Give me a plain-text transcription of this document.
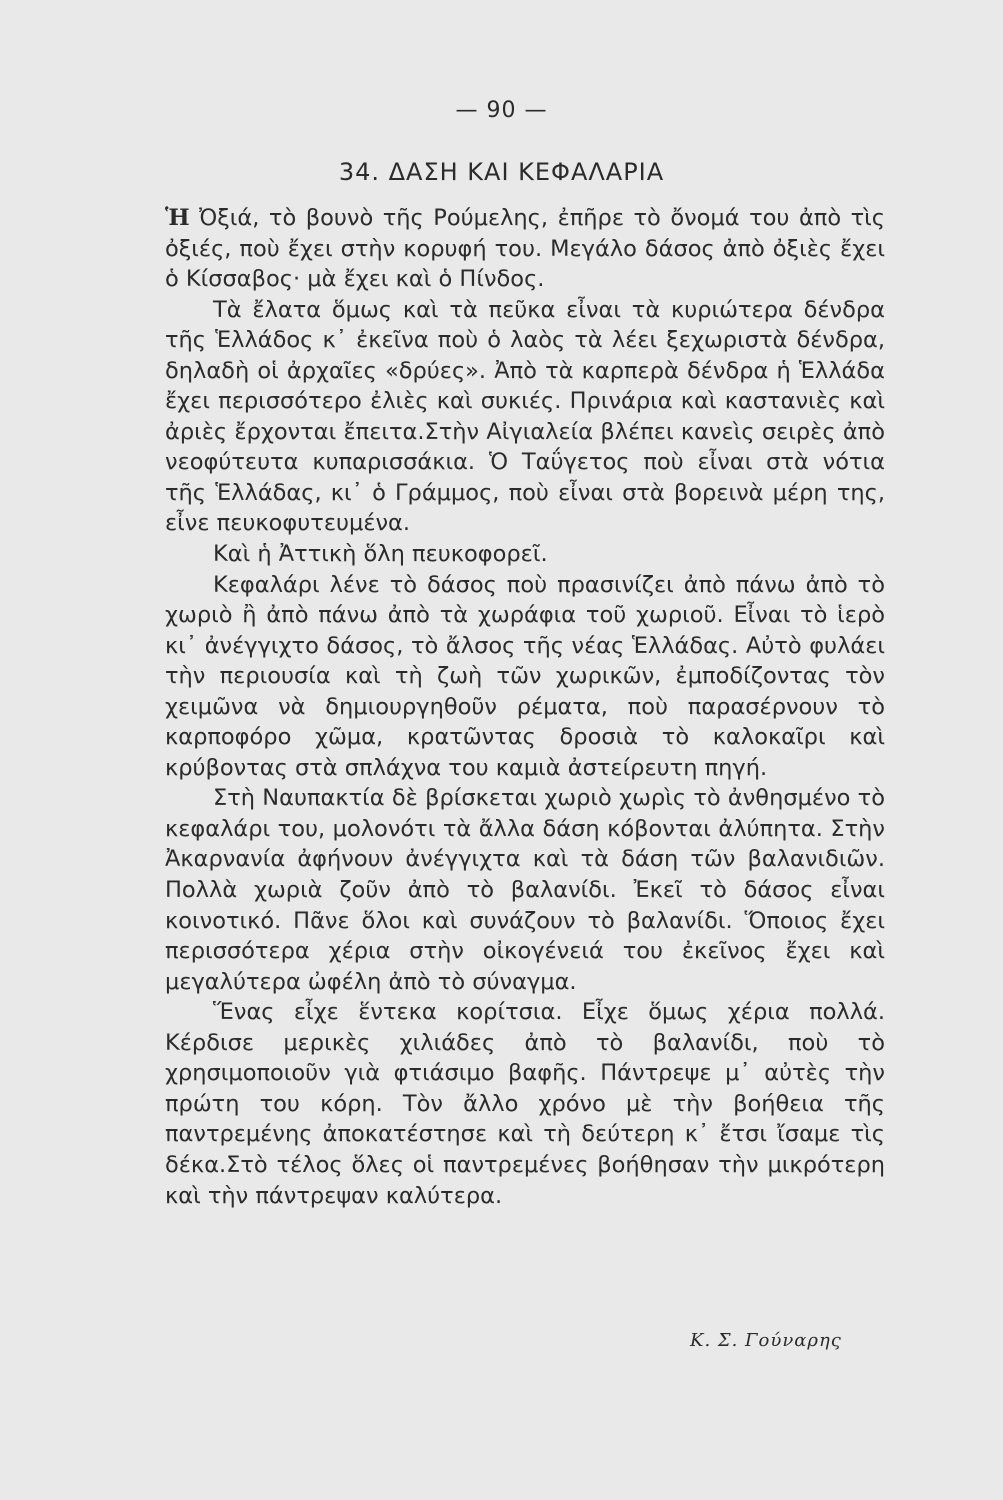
— 90 —
34. ΔΑΣΗ ΚΑΙ ΚΕΦΑΛΑΡΙΑ

Ἡ Ὀξιά, τὸ βουνὸ τῆς Ρούμελης, ἐπῆρε τὸ ὄνομά του ἀπὸ τὶς ὀξιές, ποὺ ἔχει στὴν κορυφή του. Μεγάλο δάσος ἀπὸ ὀξιὲς ἔχει ὁ Κίσσαβος· μὰ ἔχει καὶ ὁ Πίνδος.

Τὰ ἔλατα ὅμως καὶ τὰ πεῦκα εἶναι τὰ κυριώτερα δένδρα τῆς Ἑλλάδος κ᾽ ἐκεῖνα ποὺ ὁ λαὸς τὰ λέει ξεχωριστὰ δένδρα, δηλαδὴ οἱ ἀρχαῖες «δρύες». Ἀπὸ τὰ καρπερὰ δένδρα ἡ Ἑλλάδα ἔχει περισσότερο ἐλιὲς καὶ συκιές. Πρινάρια καὶ καστανιὲς καὶ ἀριὲς ἔρχονται ἔπειτα.Στὴν Αἰγιαλεία βλέπει κανεὶς σειρὲς ἀπὸ νεοφύτευτα κυπαρισσάκια. Ὁ Ταΰγετος ποὺ εἶναι στὰ νότια τῆς Ἑλλάδας, κι᾽ ὁ Γράμμος, ποὺ εἶναι στὰ βορεινὰ μέρη της, εἶνε πευκοφυτευμένα.

Καὶ ἡ Ἀττικὴ ὅλη πευκοφορεῖ.

Κεφαλάρι λένε τὸ δάσος ποὺ πρασινίζει ἀπὸ πάνω ἀπὸ τὸ χωριὸ ἢ ἀπὸ πάνω ἀπὸ τὰ χωράφια τοῦ χωριοῦ. Εἶναι τὸ ἱερὸ κι᾽ ἀνέγγιχτο δάσος, τὸ ἄλσος τῆς νέας Ἑλλάδας. Αὐτὸ φυλάει τὴν περιουσία καὶ τὴ ζωὴ τῶν χωρικῶν, ἐμποδίζοντας τὸν χειμῶνα νὰ δημιουργηθοῦν ρέματα, ποὺ παρασέρνουν τὸ καρποφόρο χῶμα, κρατῶντας δροσιὰ τὸ καλοκαῖρι καὶ κρύβοντας στὰ σπλάχνα του καμιὰ ἀστείρευτη πηγή.

Στὴ Ναυπακτία δὲ βρίσκεται χωριὸ χωρὶς τὸ ἀνθησμένο τὸ κεφαλάρι του, μολονότι τὰ ἄλλα δάση κόβονται ἀλύπητα. Στὴν Ἀκαρνανία ἀφήνουν ἀνέγγιχτα καὶ τὰ δάση τῶν βαλανιδιῶν. Πολλὰ χωριὰ ζοῦν ἀπὸ τὸ βαλανίδι. Ἐκεῖ τὸ δάσος εἶναι κοινοτικό. Πᾶνε ὅλοι καὶ συνάζουν τὸ βαλανίδι. Ὅποιος ἔχει περισσότερα χέρια στὴν οἰκογένειά του ἐκεῖνος ἔχει καὶ μεγαλύτερα ὠφέλη ἀπὸ τὸ σύναγμα.

Ἕνας εἶχε ἕντεκα κορίτσια. Εἶχε ὅμως χέρια πολλά. Κέρδισε μερικὲς χιλιάδες ἀπὸ τὸ βαλανίδι, ποὺ τὸ χρησιμοποιοῦν γιὰ φτιάσιμο βαφῆς. Πάντρεψε μ᾽ αὐτὲς τὴν πρώτη του κόρη. Τὸν ἄλλο χρόνο μὲ τὴν βοήθεια τῆς παντρεμένης ἀποκατέστησε καὶ τὴ δεύτερη κ᾽ ἔτσι ἴσαμε τὶς δέκα.Στὸ τέλος ὅλες οἱ παντρεμένες βοήθησαν τὴν μικρότερη καὶ τὴν πάντρεψαν καλύτερα.

Κ. Σ. Γούναρης
